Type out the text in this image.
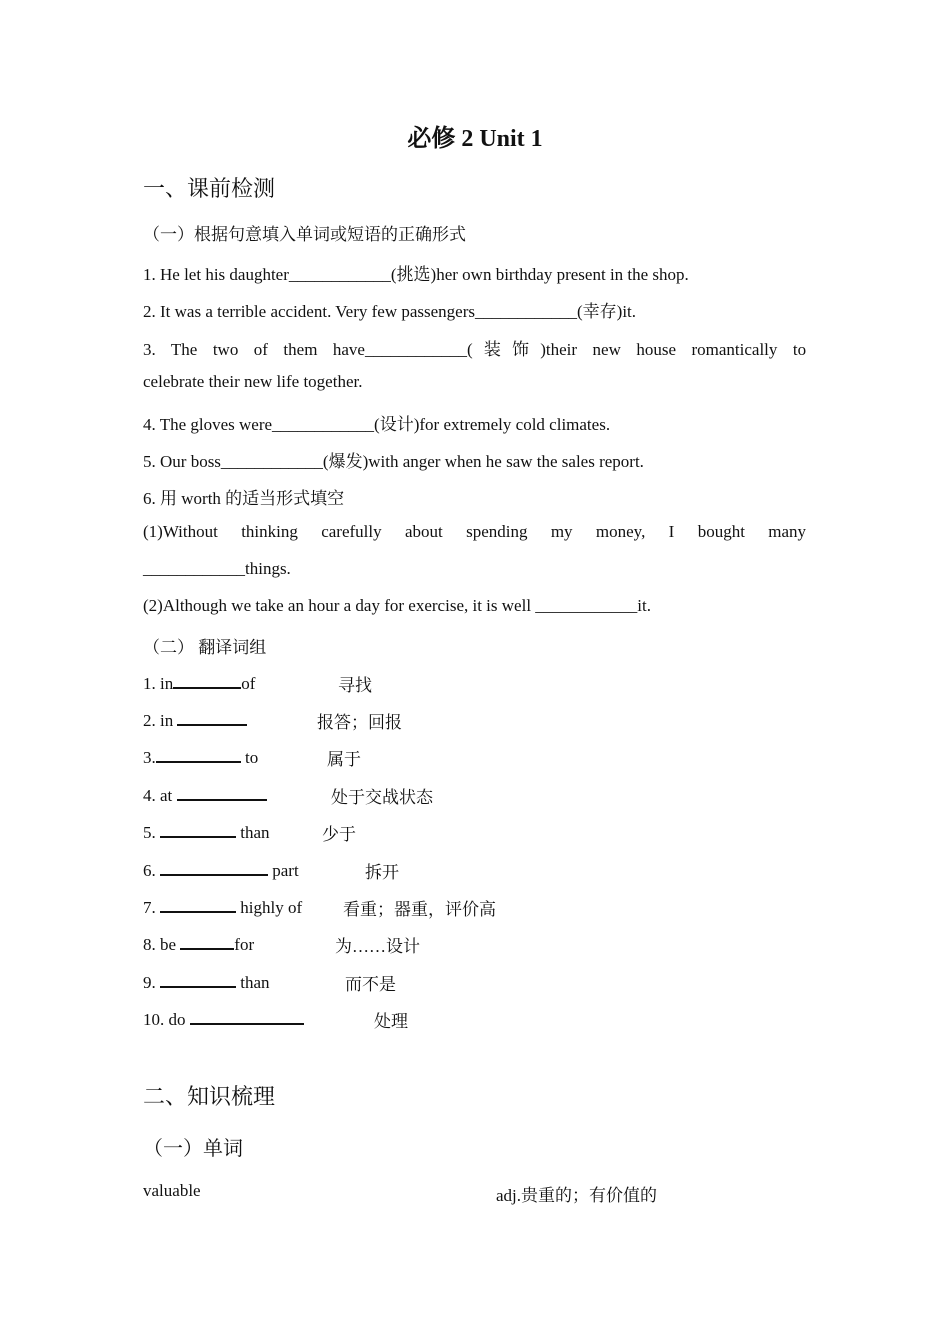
必修 2 Unit 1
一、课前检测
（一）根据句意填入单词或短语的正确形式
1. He let his daughter____________(挑选)her own birthday present in the shop.
2. It was a terrible accident. Very few passengers____________(幸存)it.
3. The two of them have____________(装饰)their new house romantically to
celebrate their new life together.
4. The gloves were____________(设计)for extremely cold climates.
5. Our boss____________(爆发)with anger when he saw the sales report.
6. 用 worth 的适当形式填空
(1)Without thinking carefully about spending my money, I bought many
____________things.
(2)Although we take an hour a day for exercise, it is well ____________it.
（二） 翻译词组
1. in	of	寻找
2. in	报答；回报
3.	to	属于
4. at	处于交战状态
5.	than	少于
6.	part	拆开
7.	highly of 看重；器重，评价高
8. be	for	为……设计
9.	than	而不是
10. do	处理
二、知识梳理
（一）单词
valuable	adj.贵重的；有价值的
